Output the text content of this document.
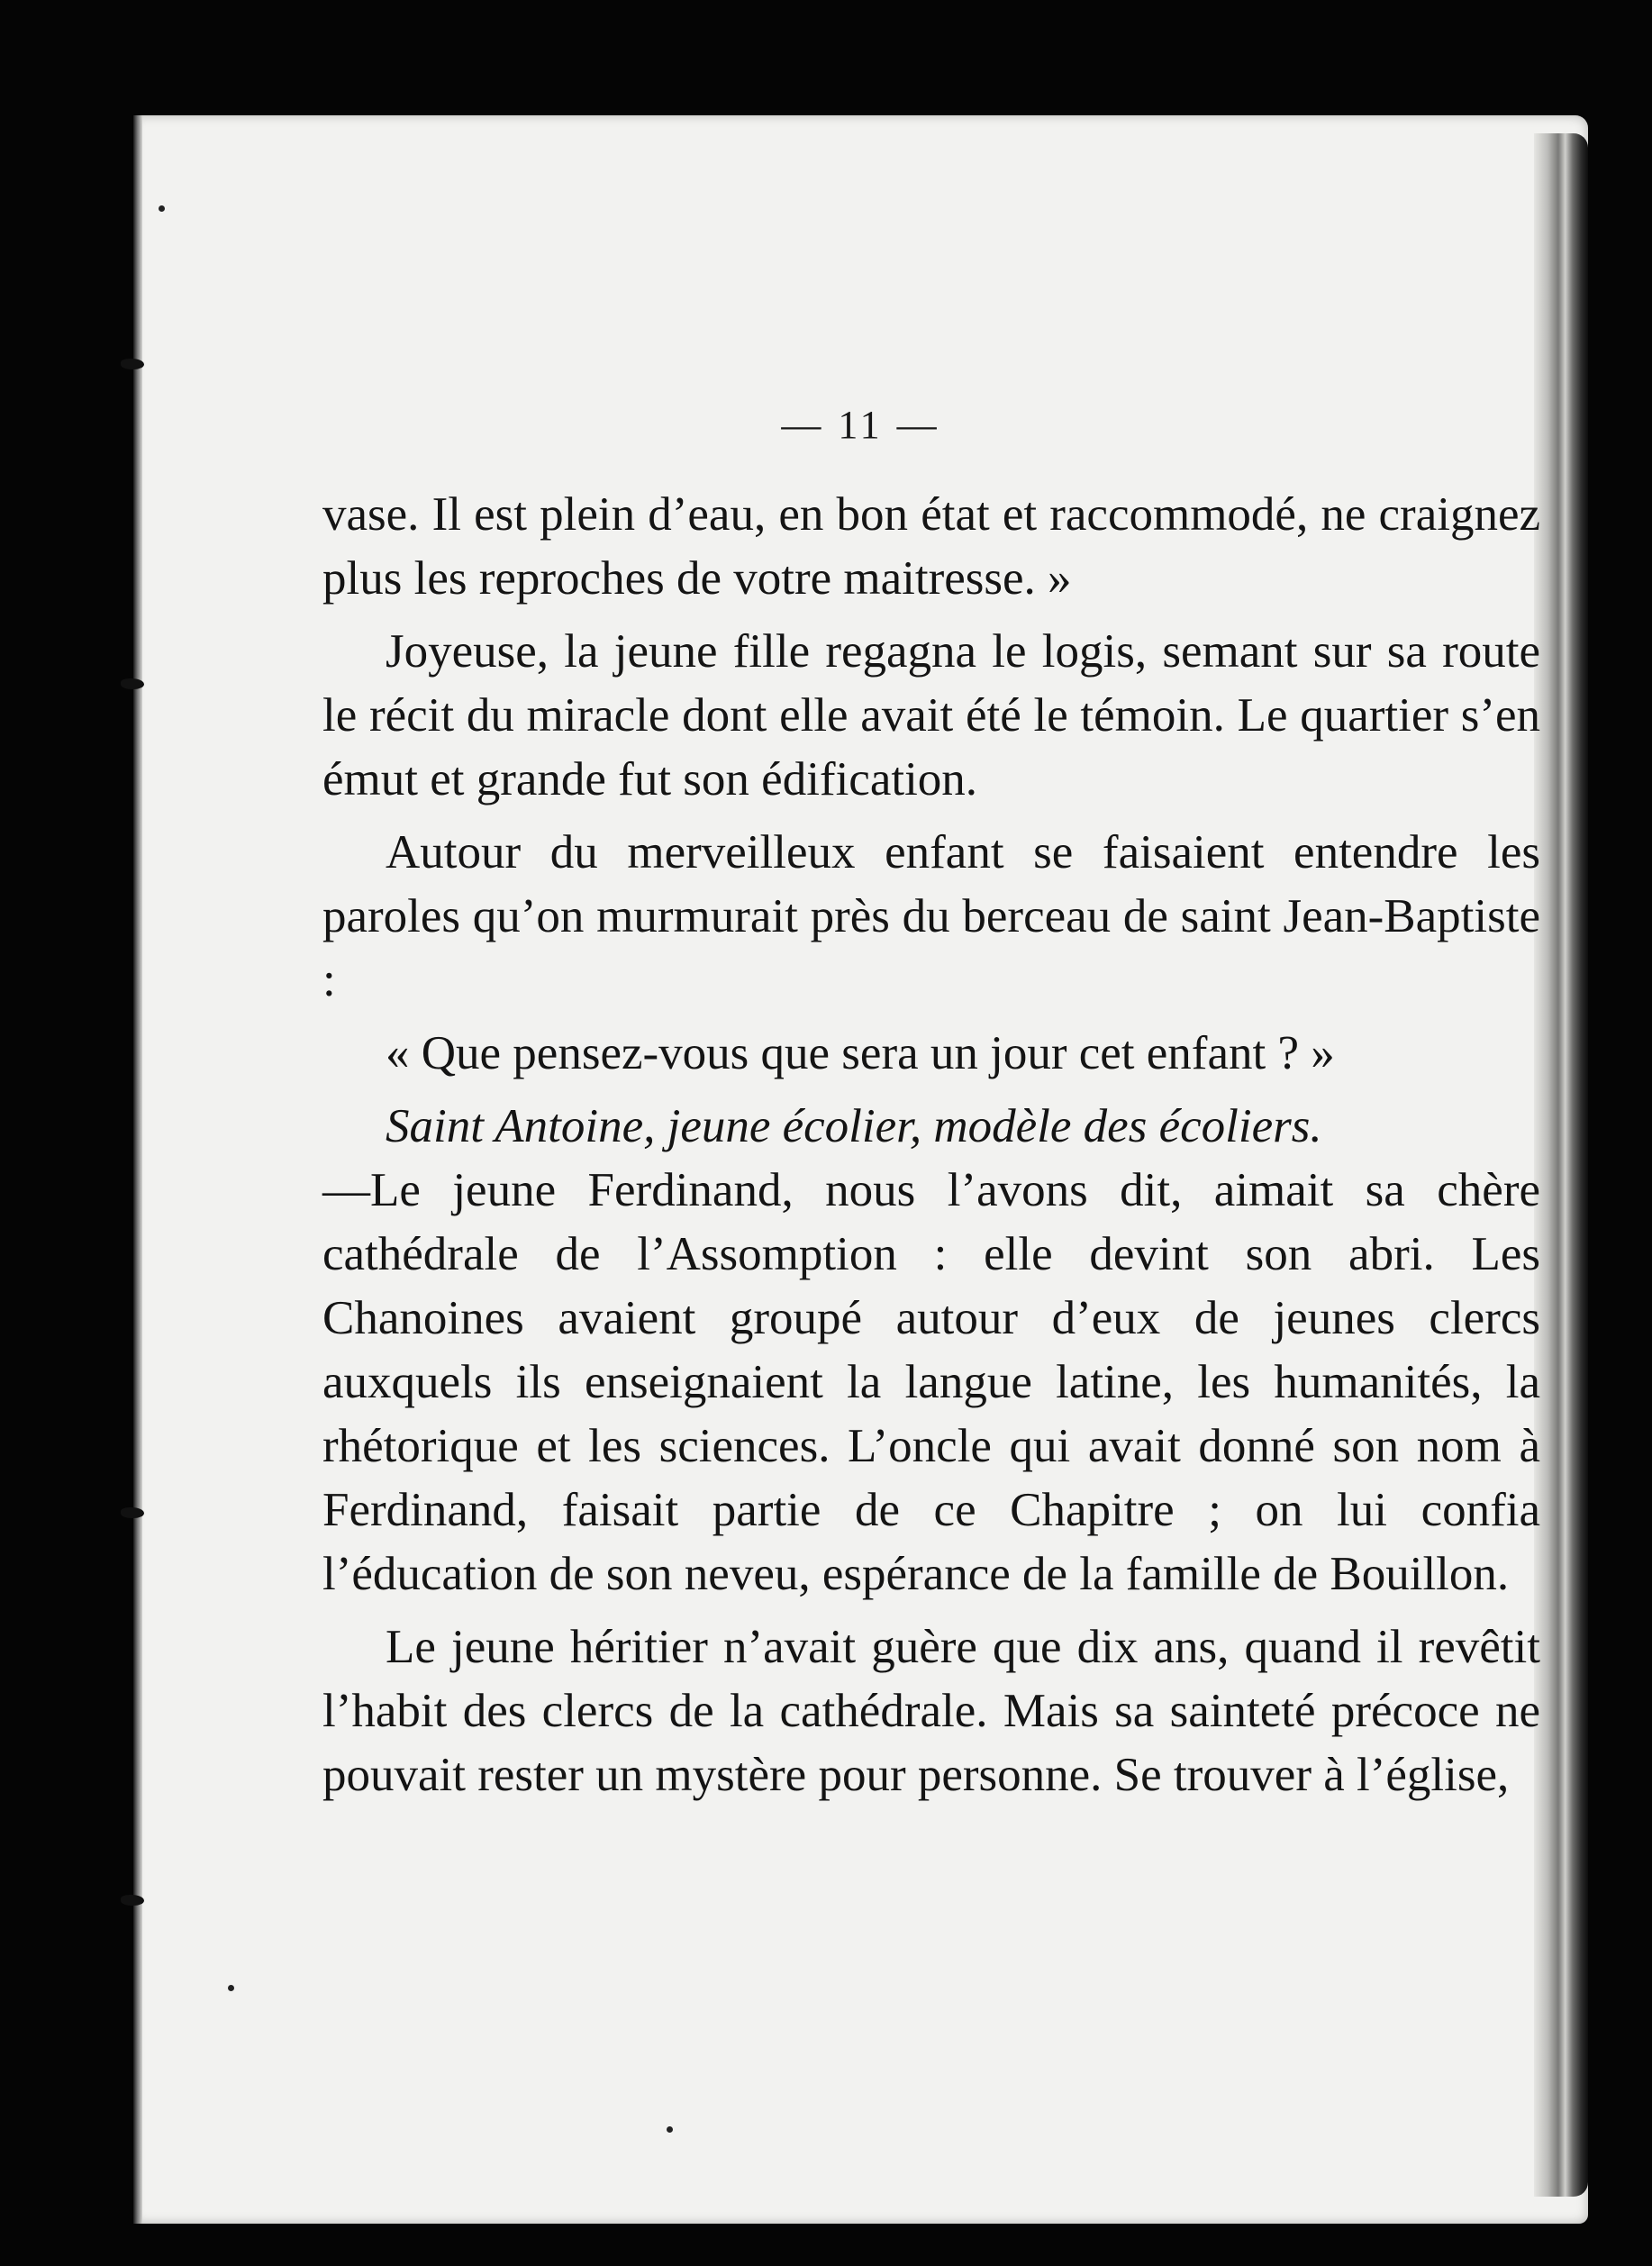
— 11 —

vase. Il est plein d’eau, en bon état et raccommodé, ne craignez plus les reproches de votre maitresse. »

Joyeuse, la jeune fille regagna le logis, semant sur sa route le récit du miracle dont elle avait été le témoin. Le quartier s’en émut et grande fut son édification.

Autour du merveilleux enfant se faisaient entendre les paroles qu’on murmurait près du berceau de saint Jean-Baptiste :

« Que pensez-vous que sera un jour cet enfant ? »

Saint Antoine, jeune écolier, modèle des écoliers.
—Le jeune Ferdinand, nous l’avons dit, aimait sa chère cathédrale de l’Assomption : elle devint son abri. Les Chanoines avaient groupé autour d’eux de jeunes clercs auxquels ils enseignaient la langue latine, les humanités, la rhétorique et les sciences. L’oncle qui avait donné son nom à Ferdinand, faisait partie de ce Chapitre ; on lui confia l’éducation de son neveu, espérance de la famille de Bouillon.

Le jeune héritier n’avait guère que dix ans, quand il revêtit l’habit des clercs de la cathédrale. Mais sa sainteté précoce ne pouvait rester un mystère pour personne. Se trouver à l’église,
